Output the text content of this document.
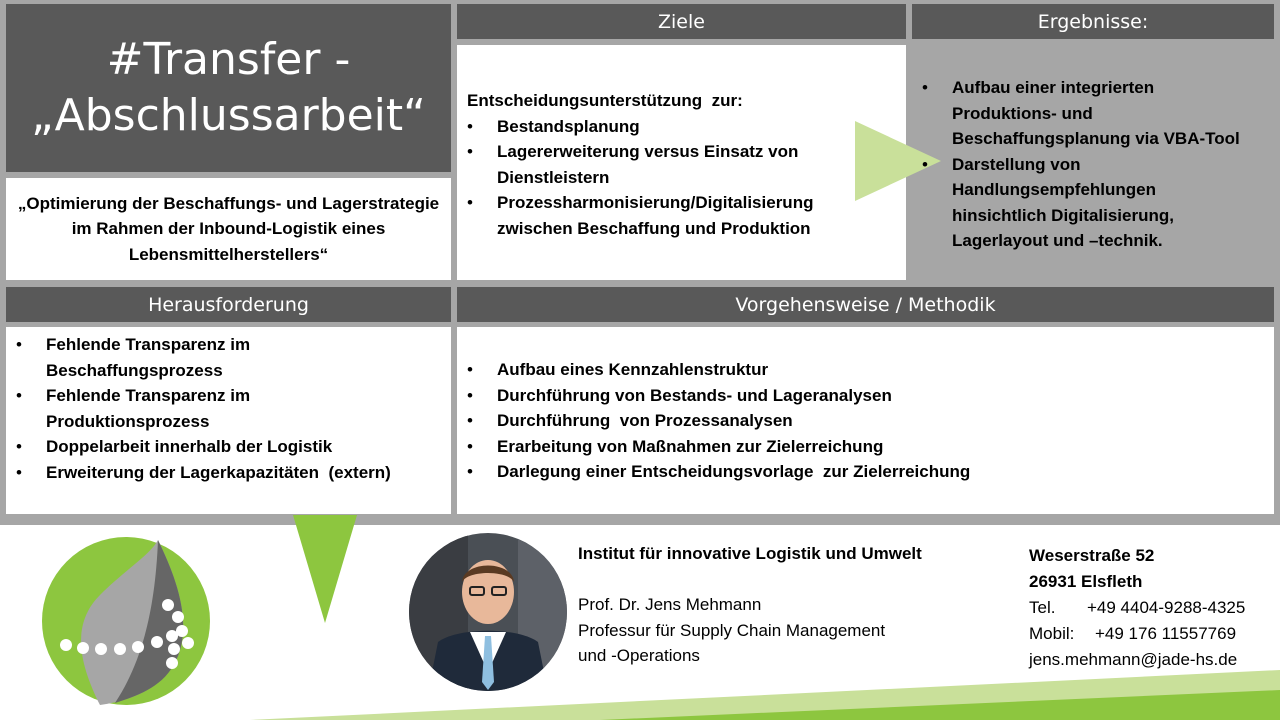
#Transfer -
„Abschlussarbeit“
„Optimierung der Beschaffungs- und Lagerstrategie im Rahmen der Inbound-Logistik eines Lebensmittelherstellers“
Ziele
Entscheidungsunterstützung  zur:
• Bestandsplanung
• Lagererweiterung versus Einsatz von Dienstleistern
• Prozessharmonisierung/Digitalisierung zwischen Beschaffung und Produktion
Ergebnisse:
• Aufbau einer integrierten Produktions- und Beschaffungsplanung via VBA-Tool
• Darstellung von Handlungsempfehlungen hinsichtlich Digitalisierung, Lagerlayout und –technik.
Herausforderung
• Fehlende Transparenz im Beschaffungsprozess
• Fehlende Transparenz im Produktionsprozess
• Doppelarbeit innerhalb der Logistik
• Erweiterung der Lagerkapazitäten  (extern)
Vorgehensweise / Methodik
• Aufbau eines Kennzahlenstruktur
• Durchführung von Bestands- und Lageranalysen
• Durchführung  von Prozessanalysen
• Erarbeitung von Maßnahmen zur Zielerreichung
• Darlegung einer Entscheidungsvorlage  zur Zielerreichung
Institut für innovative Logistik und Umwelt
Prof. Dr. Jens Mehmann
Professur für Supply Chain Management
und -Operations
Weserstraße 52
26931 Elsfleth
Tel. +49 4404-9288-4325
Mobil: +49 176 11557769
jens.mehmann@jade-hs.de
